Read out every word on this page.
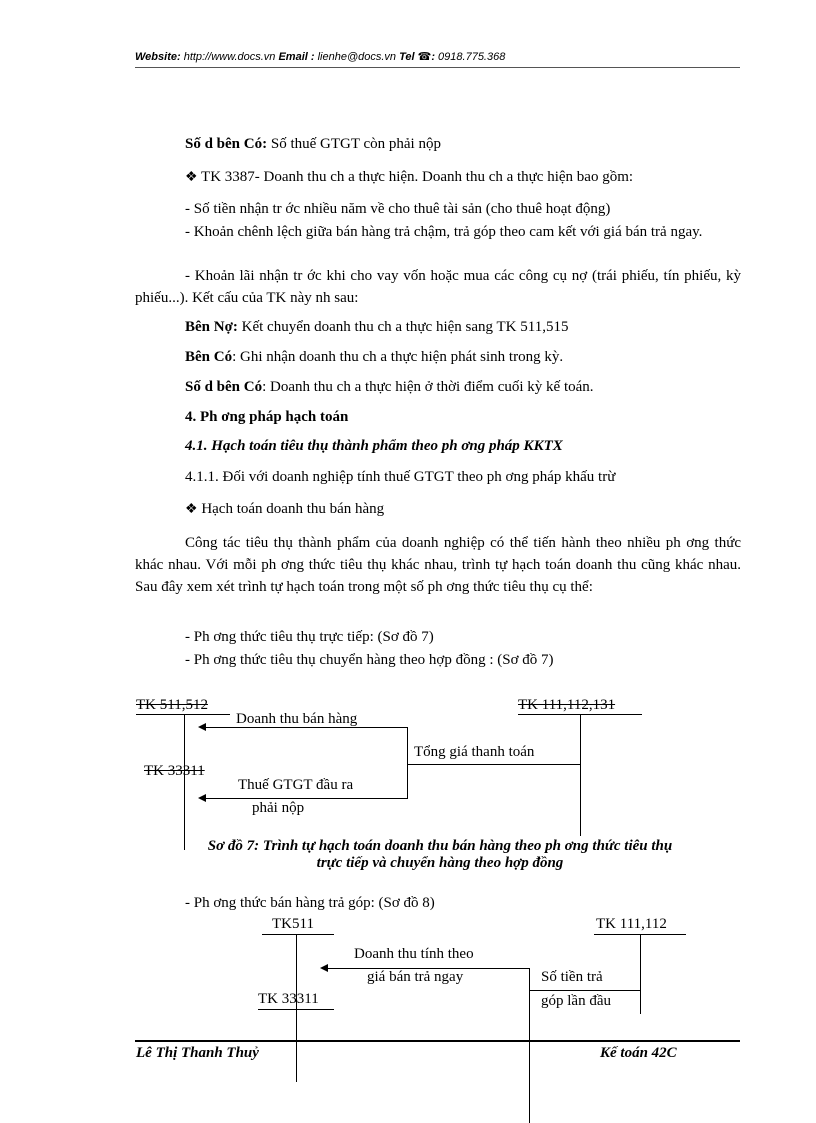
Website: http://www.docs.vn Email : lienhe@docs.vn Tel ☎: 0918.775.368
Số d bên Có: Số thuế GTGT còn phải nộp
❖ TK 3387- Doanh thu ch a thực hiện. Doanh thu ch a thực hiện bao gồm:
- Số tiền nhận tr ớc nhiều năm về cho thuê tài sản (cho thuê hoạt động)
- Khoản chênh lệch giữa bán hàng trả chậm, trả góp theo cam kết với giá bán trả ngay.
- Khoản lãi nhận tr ớc khi cho vay vốn hoặc mua các công cụ nợ (trái phiếu, tín phiếu, kỳ phiếu...). Kết cấu của TK này nh sau:
Bên Nợ: Kết chuyển doanh thu ch a thực hiện sang TK 511,515
Bên Có: Ghi nhận doanh thu ch a thực hiện phát sinh trong kỳ.
Số d bên Có: Doanh thu ch a thực hiện ở thời điểm cuối kỳ kế toán.
4. Ph ơng pháp hạch toán
4.1. Hạch toán tiêu thụ thành phẩm theo ph ơng pháp KKTX
4.1.1. Đối với doanh nghiệp tính thuế GTGT theo ph ơng pháp khấu trừ
❖ Hạch toán doanh thu bán hàng
Công tác tiêu thụ thành phẩm của doanh nghiệp có thể tiến hành theo nhiều ph ơng thức khác nhau. Với mỗi ph ơng thức tiêu thụ khác nhau, trình tự hạch toán doanh thu cũng khác nhau. Sau đây xem xét trình tự hạch toán trong một số ph ơng thức tiêu thụ cụ thể:
- Ph ơng thức tiêu thụ trực tiếp: (Sơ đồ 7)
- Ph ơng thức tiêu thụ chuyển hàng theo hợp đồng : (Sơ đồ 7)
TK 511,512	TK 111,112,131
Doanh thu bán hàng
Tổng giá thanh toán
TK 33311
Thuế GTGT đầu ra
phải nộp
Sơ đồ 7: Trình tự hạch toán doanh thu bán hàng theo ph ơng thức tiêu thụ
trực tiếp và chuyển hàng theo hợp đồng
- Ph ơng thức bán hàng trả góp: (Sơ đồ 8)
TK511	TK 111,112
Doanh thu tính theo
giá bán trả ngay	Số tiền trả
góp lần đầu
TK 33311
Lê Thị Thanh Thuỷ	Kế toán 42C
